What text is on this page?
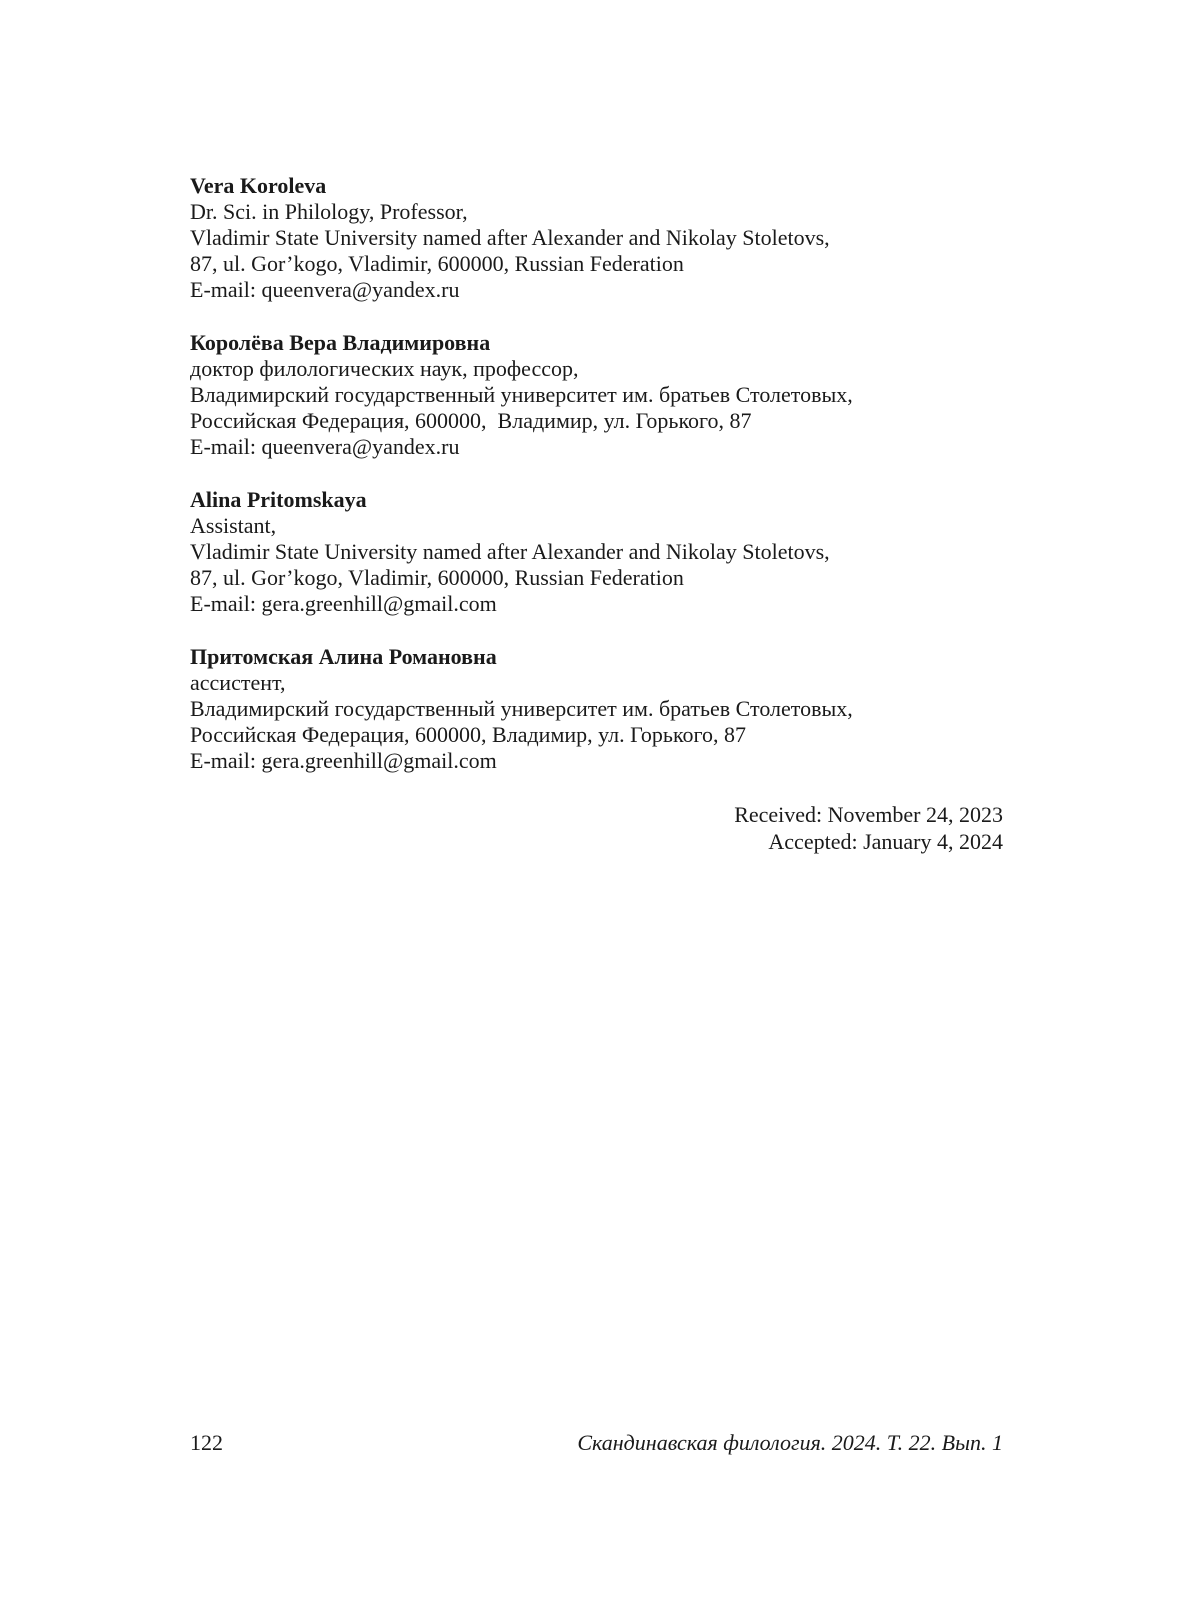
Vera Koroleva

Dr. Sci. in Philology, Professor,

Vladimir State University named after Alexander and Nikolay Stoletovs,

87, ul. Gor’kogo, Vladimir, 600000, Russian Federation

E-mail: queenvera@yandex.ru

Королёва Вера Владимировна

доктор филологических наук, профессор,

Владимирский государственный университет им. братьев Столетовых,

Российская Федерация, 600000,  Владимир, ул. Горького, 87

E-mail: queenvera@yandex.ru

Alina Pritomskaya

Assistant,

Vladimir State University named after Alexander and Nikolay Stoletovs,

87, ul. Gor’kogo, Vladimir, 600000, Russian Federation

E-mail: gera.greenhill@gmail.com

Притомская Алина Романовна

ассистент,

Владимирский государственный университет им. братьев Столетовых,

Российская Федерация, 600000, Владимир, ул. Горького, 87

E-mail: gera.greenhill@gmail.com

Received: November 24, 2023

Accepted: January 4, 2024

122	Скандинавская филология. 2024. Т. 22. Вып. 1
